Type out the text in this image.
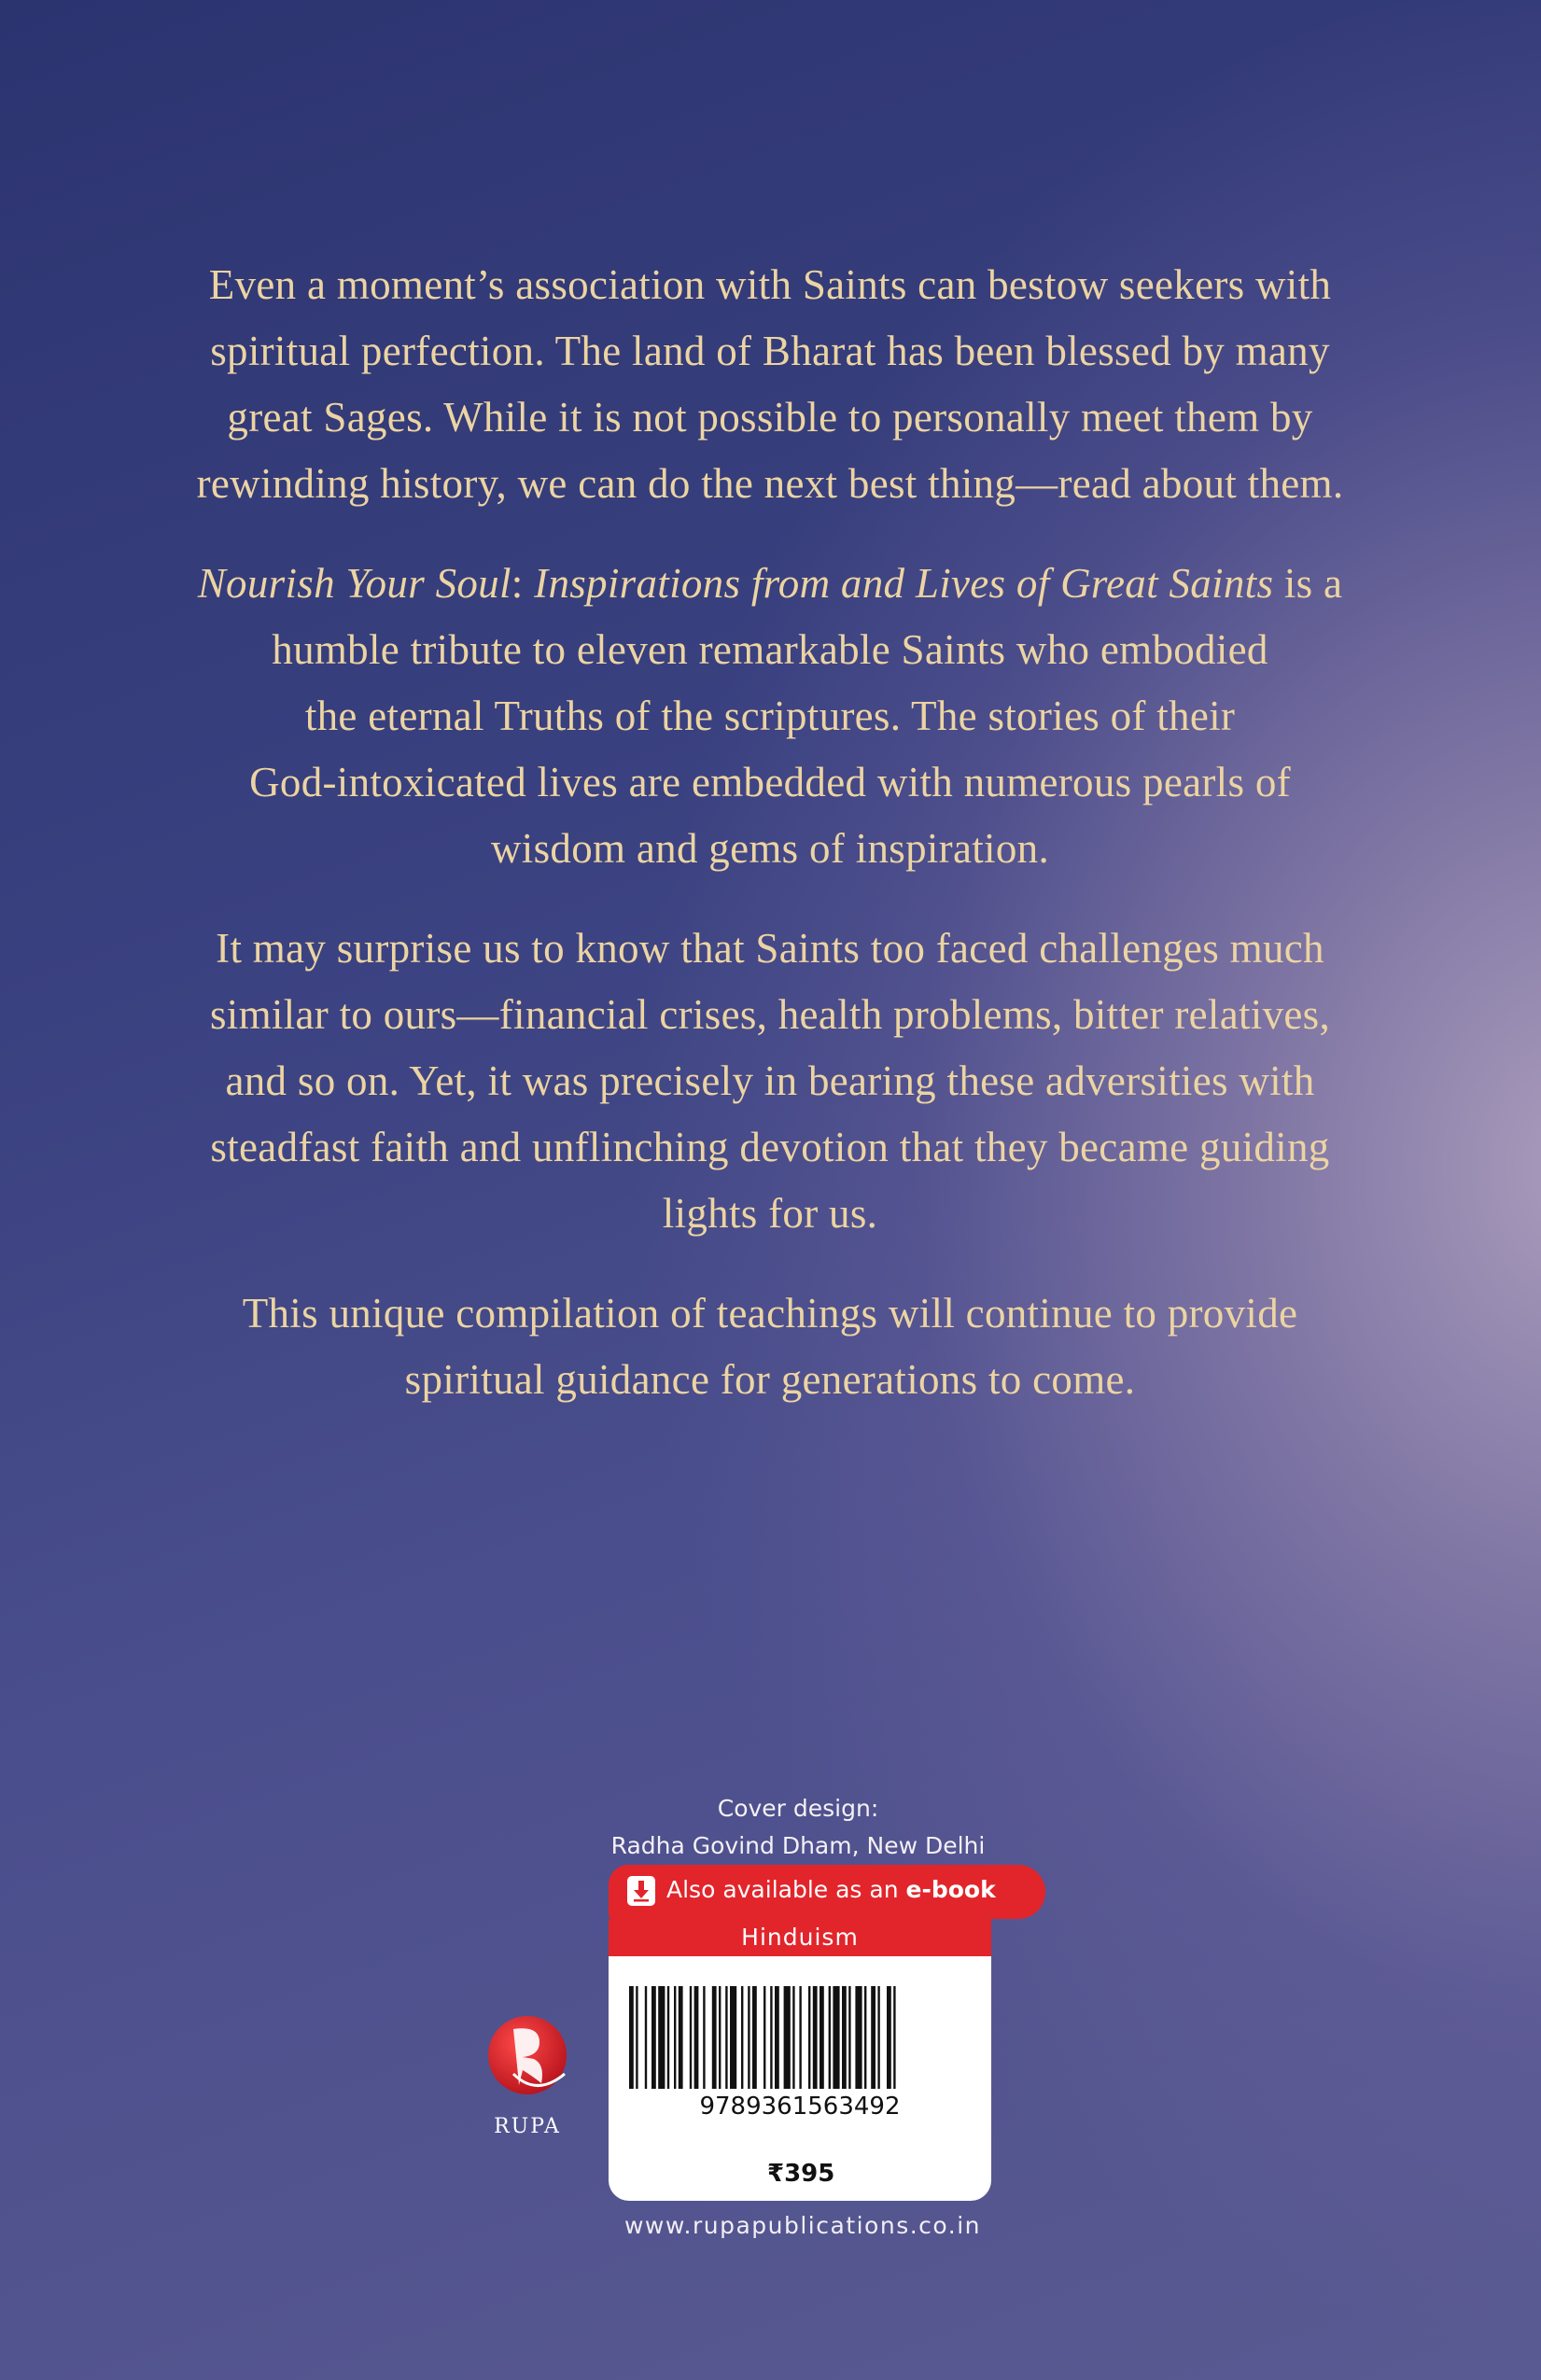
Even a moment’s association with Saints can bestow seekers with
spiritual perfection. The land of Bharat has been blessed by many
great Sages. While it is not possible to personally meet them by
rewinding history, we can do the next best thing—read about them.

Nourish Your Soul: Inspirations from and Lives of Great Saints is a
humble tribute to eleven remarkable Saints who embodied
the eternal Truths of the scriptures. The stories of their
God-intoxicated lives are embedded with numerous pearls of
wisdom and gems of inspiration.

It may surprise us to know that Saints too faced challenges much
similar to ours—financial crises, health problems, bitter relatives,
and so on. Yet, it was precisely in bearing these adversities with
steadfast faith and unflinching devotion that they became guiding
lights for us.

This unique compilation of teachings will continue to provide
spiritual guidance for generations to come.

Cover design:
Radha Govind Dham, New Delhi
Also available as an e-book
Hinduism
9789361563492
₹395
RUPA
www.rupapublications.co.in
